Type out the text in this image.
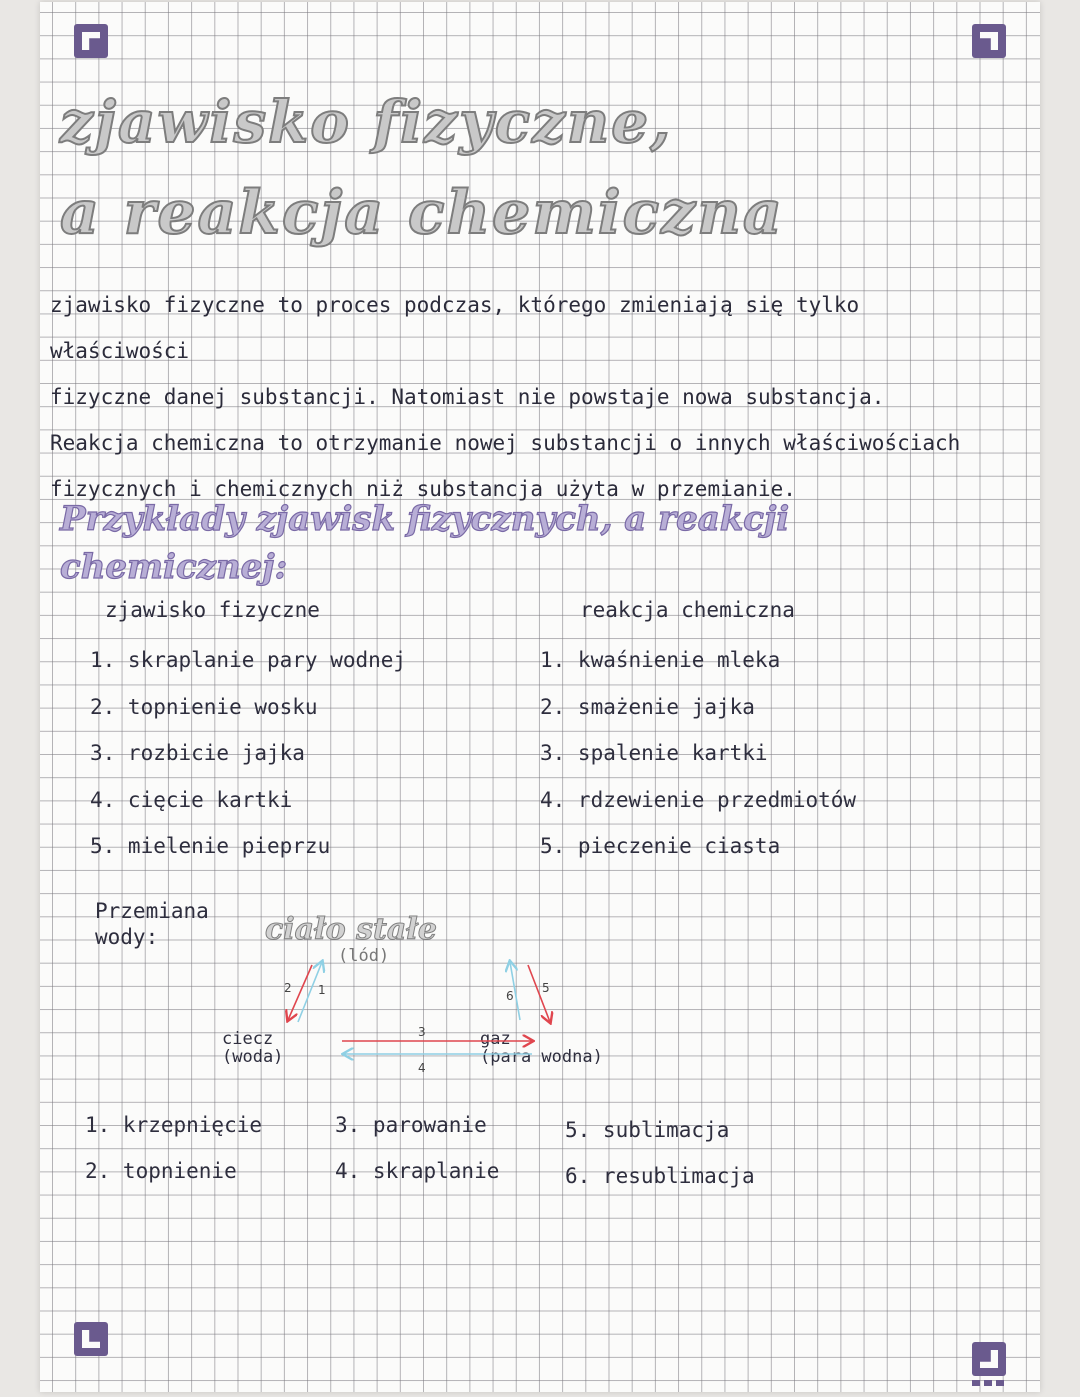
zjawisko fizyczne,
a reakcja chemiczna
zjawisko fizyczne to proces podczas, którego zmieniają się tylko właściwości
fizyczne danej substancji. Natomiast nie powstaje nowa substancja.
Reakcja chemiczna to otrzymanie nowej substancji o innych właściwościach
fizycznych i chemicznych niż substancja użyta w przemianie.
Przykłady zjawisk fizycznych, a reakcji chemicznej:
zjawisko fizyczne	reakcja chemiczna
1. skraplanie pary wodnej
2. topnienie wosku
3. rozbicie jajka
4. cięcie kartki
5. mielenie pieprzu
1. kwaśnienie mleka
2. smażenie jajka
3. spalenie kartki
4. rdzewienie przedmiotów
5. pieczenie ciasta
Przemiana wody:	ciało stałe
(lód)
ciecz
(woda)
gaz
(para wodna)
2 1
3
4
6
5
1. krzepnięcie
2. topnienie
3. parowanie
4. skraplanie
5. sublimacja
6. resublimacja
